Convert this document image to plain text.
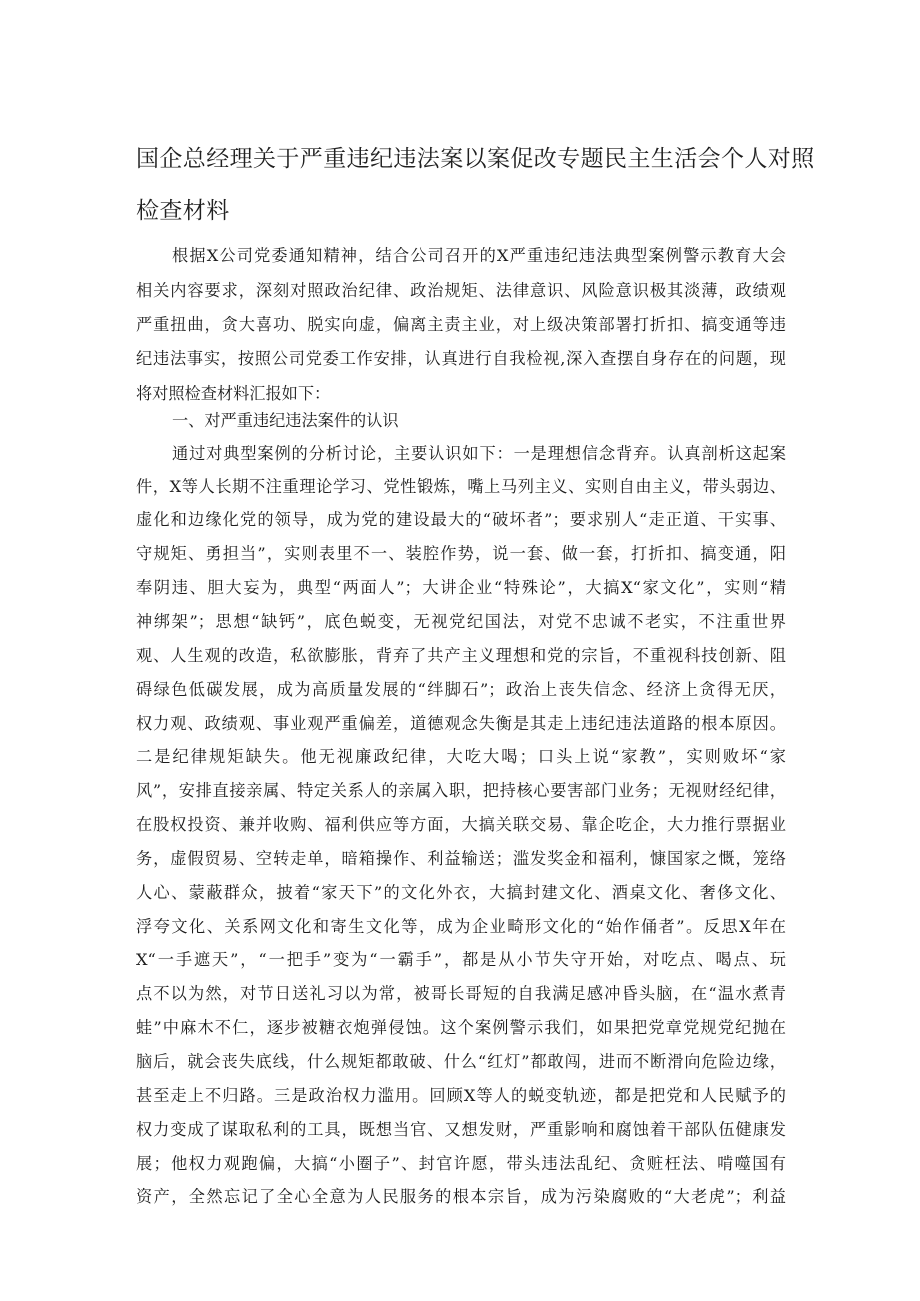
国企总经理关于严重违纪违法案以案促改专题民主生活会个人对照
检查材料
根据X公司党委通知精神，结合公司召开的X严重违纪违法典型案例警示教育大会
相关内容要求，深刻对照政治纪律、政治规矩、法律意识、风险意识极其淡薄，政绩观
严重扭曲，贪大喜功、脱实向虚，偏离主责主业，对上级决策部署打折扣、搞变通等违
纪违法事实，按照公司党委工作安排，认真进行自我检视,深入查摆自身存在的问题，现
将对照检查材料汇报如下：
一、对严重违纪违法案件的认识
通过对典型案例的分析讨论，主要认识如下：一是理想信念背弃。认真剖析这起案
件，X等人长期不注重理论学习、党性锻炼，嘴上马列主义、实则自由主义，带头弱边、
虚化和边缘化党的领导，成为党的建设最大的“破坏者”；要求别人“走正道、干实事、
守规矩、勇担当”，实则表里不一、装腔作势，说一套、做一套，打折扣、搞变通，阳
奉阴违、胆大妄为，典型“两面人”；大讲企业“特殊论”，大搞X“家文化”，实则“精
神绑架”；思想“缺钙”，底色蜕变，无视党纪国法，对党不忠诚不老实，不注重世界
观、人生观的改造，私欲膨胀，背弃了共产主义理想和党的宗旨，不重视科技创新、阻
碍绿色低碳发展，成为高质量发展的“绊脚石”；政治上丧失信念、经济上贪得无厌，
权力观、政绩观、事业观严重偏差，道德观念失衡是其走上违纪违法道路的根本原因。
二是纪律规矩缺失。他无视廉政纪律，大吃大喝；口头上说“家教”，实则败坏“家
风”，安排直接亲属、特定关系人的亲属入职，把持核心要害部门业务；无视财经纪律，
在股权投资、兼并收购、福利供应等方面，大搞关联交易、靠企吃企，大力推行票据业
务，虚假贸易、空转走单，暗箱操作、利益输送；滥发奖金和福利，慷国家之慨，笼络
人心、蒙蔽群众，披着“家天下”的文化外衣，大搞封建文化、酒桌文化、奢侈文化、
浮夸文化、关系网文化和寄生文化等，成为企业畸形文化的“始作俑者”。反思X年在
X“一手遮天”，“一把手”变为“一霸手”，都是从小节失守开始，对吃点、喝点、玩
点不以为然，对节日送礼习以为常，被哥长哥短的自我满足感冲昏头脑，在“温水煮青
蛙”中麻木不仁，逐步被糖衣炮弹侵蚀。这个案例警示我们，如果把党章党规党纪抛在
脑后，就会丧失底线，什么规矩都敢破、什么“红灯”都敢闯，进而不断滑向危险边缘，
甚至走上不归路。三是政治权力滥用。回顾X等人的蜕变轨迹，都是把党和人民赋予的
权力变成了谋取私利的工具，既想当官、又想发财，严重影响和腐蚀着干部队伍健康发
展；他权力观跑偏，大搞“小圈子”、封官许愿，带头违法乱纪、贪赃枉法、啃噬国有
资产，全然忘记了全心全意为人民服务的根本宗旨，成为污染腐败的“大老虎”；利益
